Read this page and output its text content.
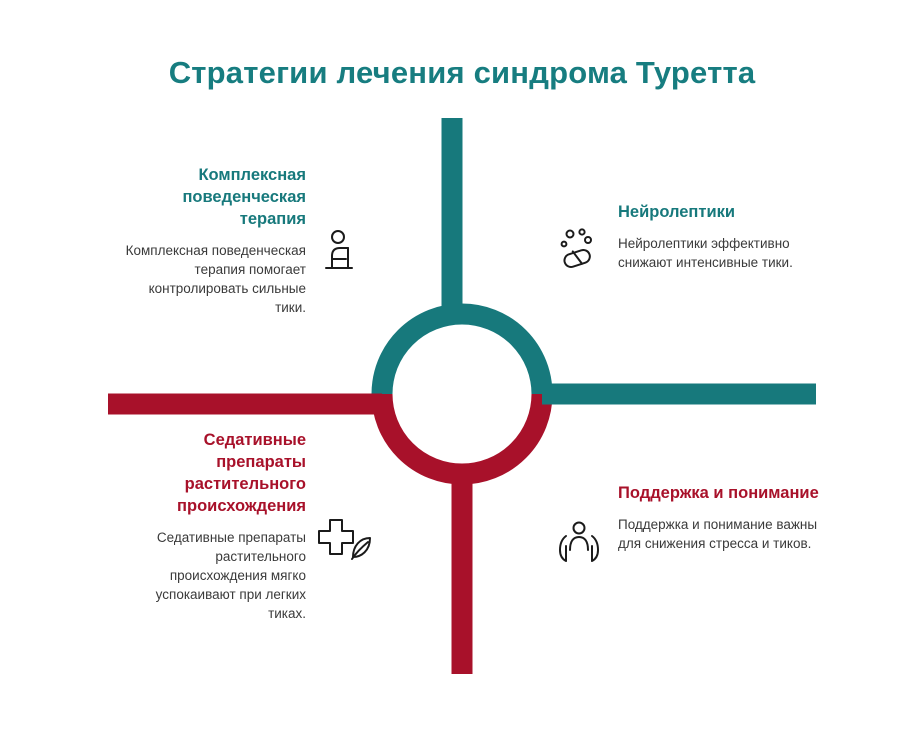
Стратегии лечения синдрома Туретта
Комплексная поведенческая терапия
Комплексная поведенческая терапия помогает контролировать сильные тики.
Седативные препараты растительного происхождения
Седативные препараты растительного происхождения мягко успокаивают при легких тиках.
Нейролептики
Нейролептики эффективно снижают интенсивные тики.
Поддержка и понимание
Поддержка и понимание важны для снижения стресса и тиков.
